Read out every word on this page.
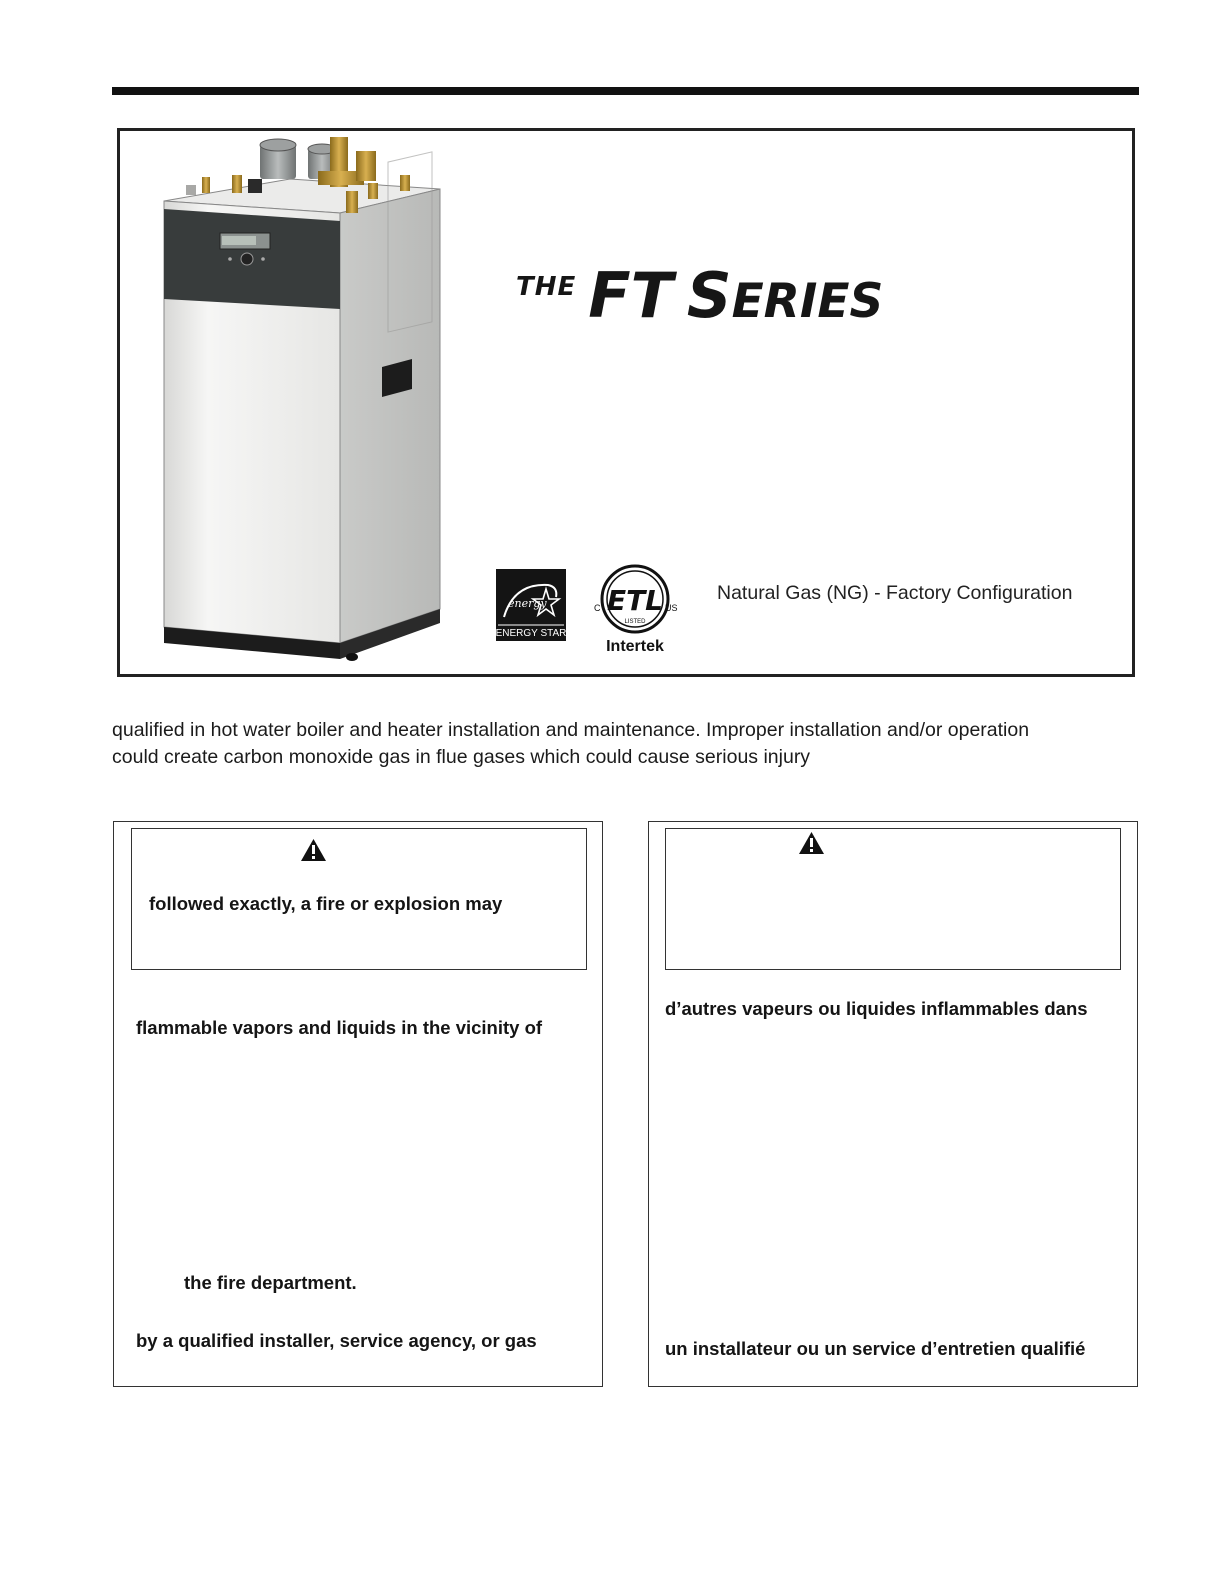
THE FT SERIES
energy
ENERGY STAR
ETL
LISTED
C	US
Intertek
Natural Gas (NG) - Factory Configuration
qualified in hot water boiler and heater installation and maintenance. Improper installation and/or operation
could create carbon monoxide gas in flue gases which could cause serious injury
followed exactly, a fire or explosion may
flammable vapors and liquids in the vicinity of
the fire department.
by a qualified installer, service agency, or gas
d’autres vapeurs ou liquides inflammables dans
un installateur ou un service d’entretien qualifié
